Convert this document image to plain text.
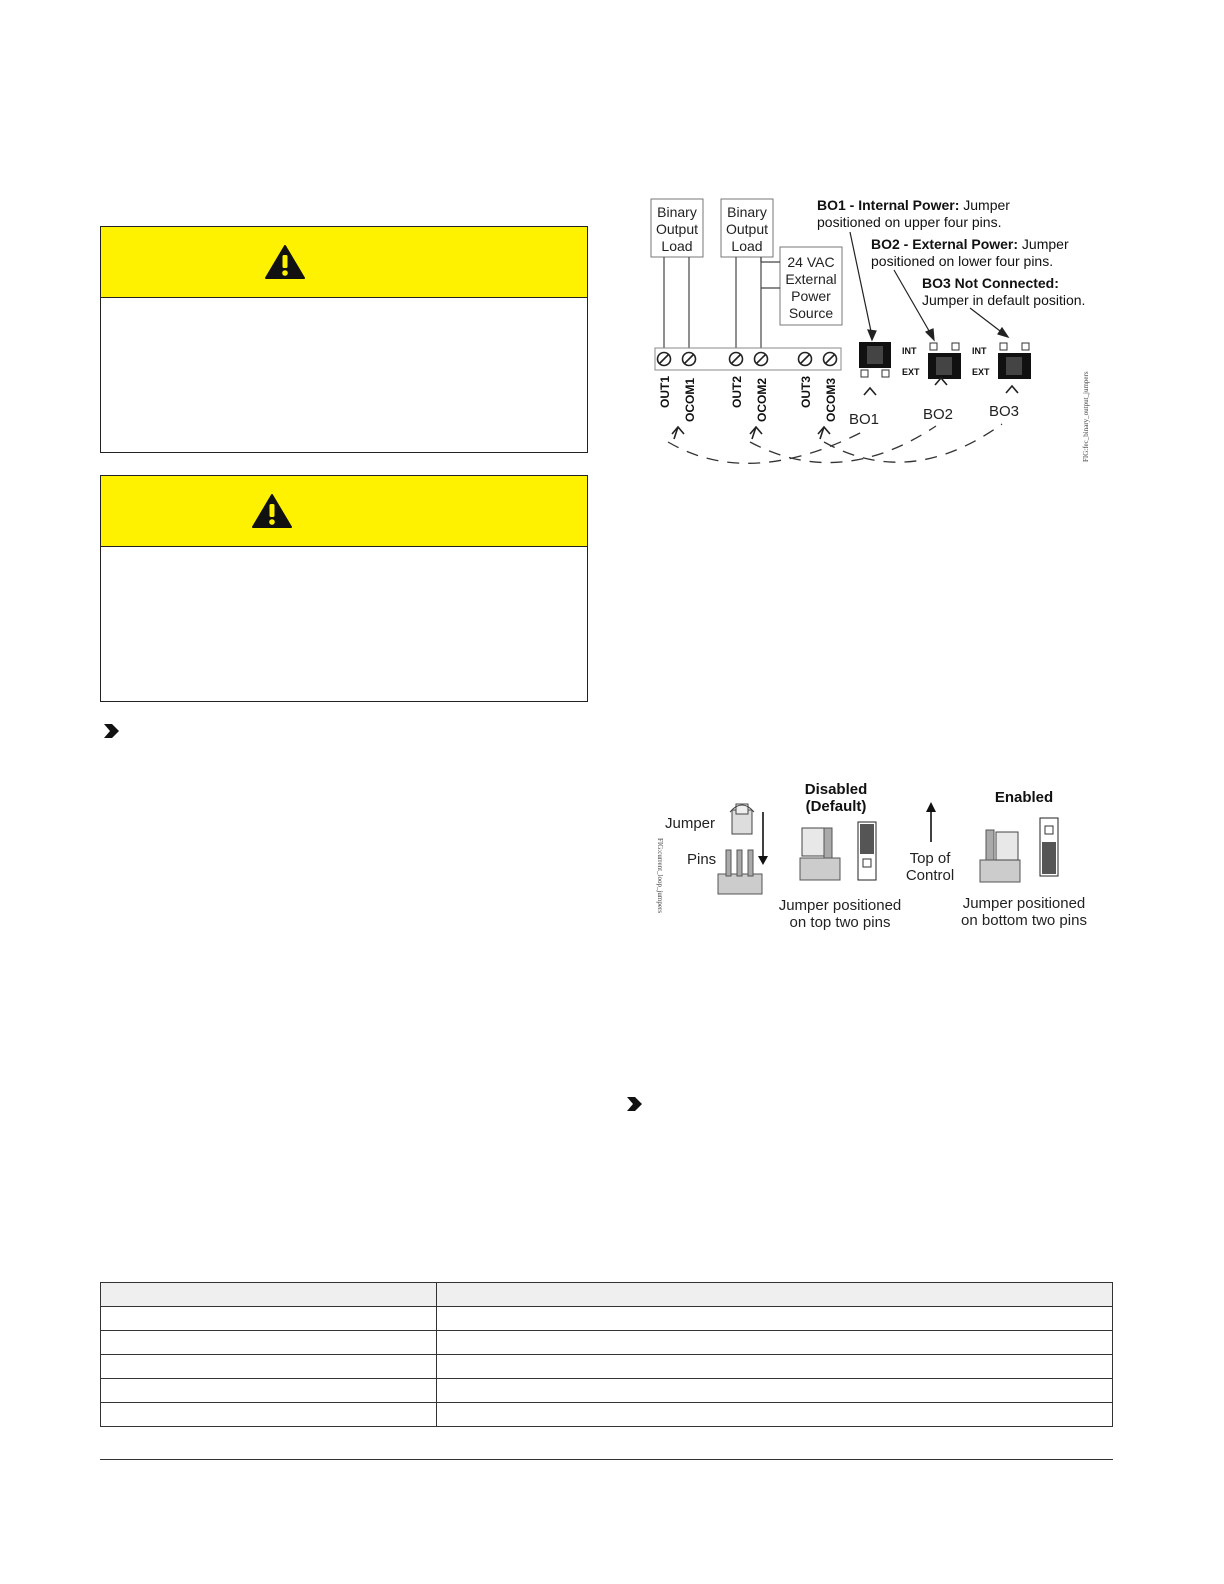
Binary
Output
Load
Binary
Output
Load
24 VAC
External
Power
Source
OUT1 OCOM1	OUT2 OCOM2	OUT3 OCOM3
BO1 - Internal Power: Jumper
positioned on upper four pins.
BO2 - External Power: Jumper
positioned on lower four pins.
BO3 Not Connected:
Jumper in default position.
INT
EXT
INT
EXT
BO1	BO2 BO3	FIG:fec_binary_output_jumpers
FIG:current_loop_jumpers
Jumper
Pins
Disabled
(Default)
Jumper positioned
on top two pins
Top of
Control
Enabled
Jumper positioned
on bottom two pins
